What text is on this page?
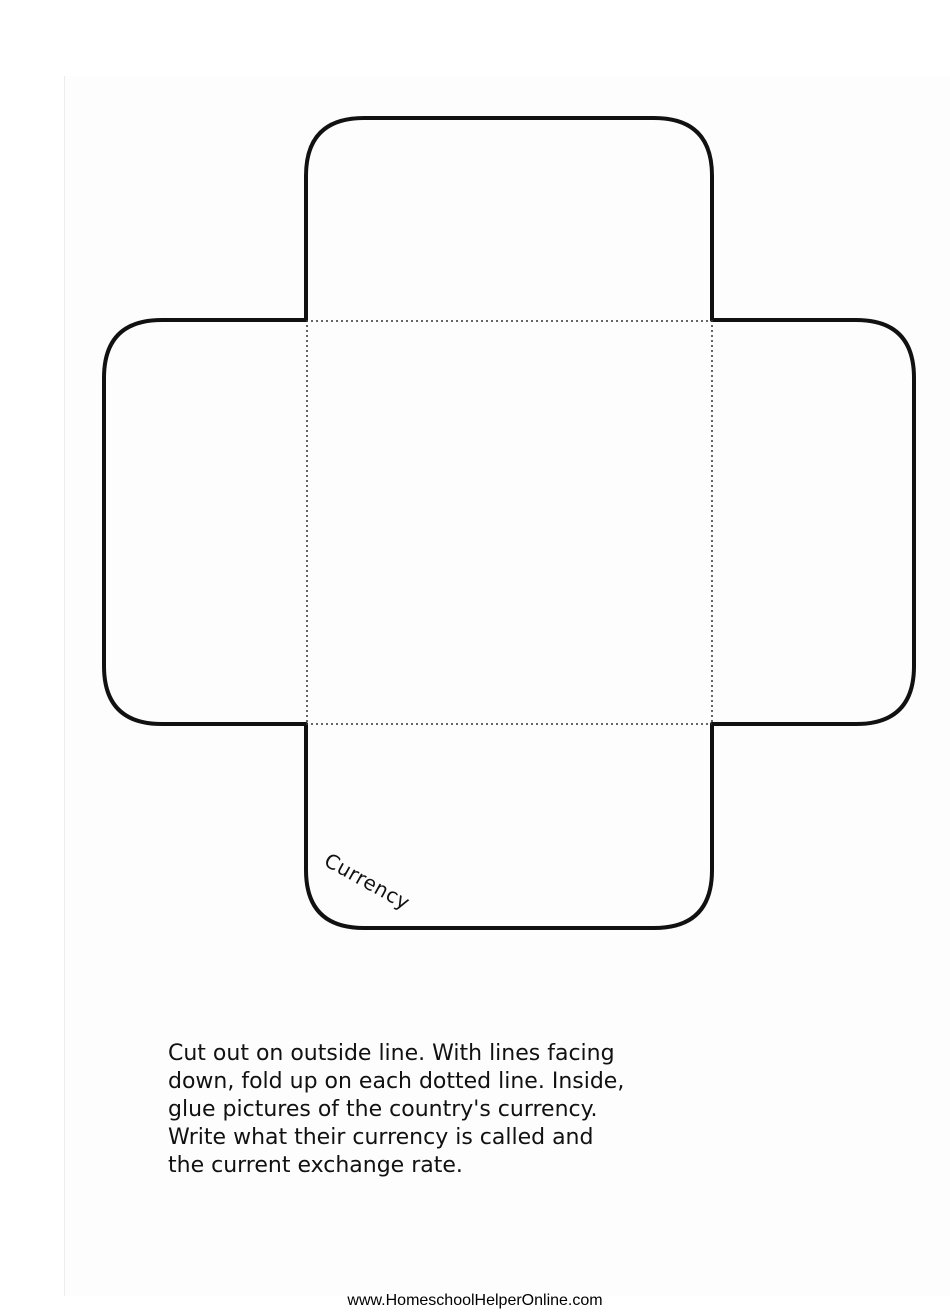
Currency
Cut out on outside line. With lines facing
down, fold up on each dotted line. Inside,
glue pictures of the country's currency.
Write what their currency is called and
the current exchange rate.
www.HomeschoolHelperOnline.com
